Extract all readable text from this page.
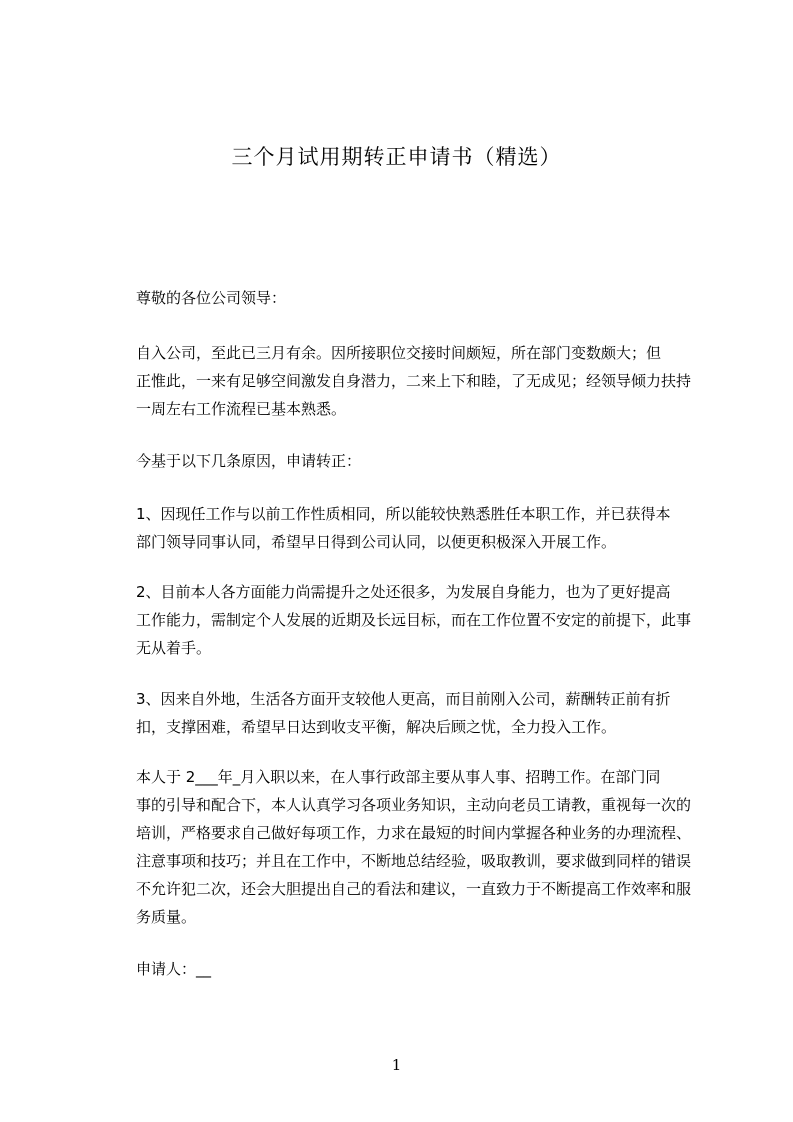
三个月试用期转正申请书（精选）

尊敬的各位公司领导：

自入公司，至此已三月有余。因所接职位交接时间颇短，所在部门变数颇大；但
正惟此，一来有足够空间激发自身潜力，二来上下和睦，了无成见；经领导倾力扶持
一周左右工作流程已基本熟悉。

今基于以下几条原因，申请转正：

1、因现任工作与以前工作性质相同，所以能较快熟悉胜任本职工作，并已获得本
部门领导同事认同，希望早日得到公司认同，以便更积极深入开展工作。

2、目前本人各方面能力尚需提升之处还很多，为发展自身能力，也为了更好提高
工作能力，需制定个人发展的近期及长远目标，而在工作位置不安定的前提下，此事
无从着手。

3、因来自外地，生活各方面开支较他人更高，而目前刚入公司，薪酬转正前有折
扣，支撑困难，希望早日达到收支平衡，解决后顾之忧，全力投入工作。

本人于 2___年_月入职以来，在人事行政部主要从事人事、招聘工作。在部门同
事的引导和配合下，本人认真学习各项业务知识，主动向老员工请教，重视每一次的
培训，严格要求自己做好每项工作，力求在最短的时间内掌握各种业务的办理流程、
注意事项和技巧；并且在工作中，不断地总结经验，吸取教训，要求做到同样的错误
不允许犯二次，还会大胆提出自己的看法和建议，一直致力于不断提高工作效率和服
务质量。

申请人：__

1
